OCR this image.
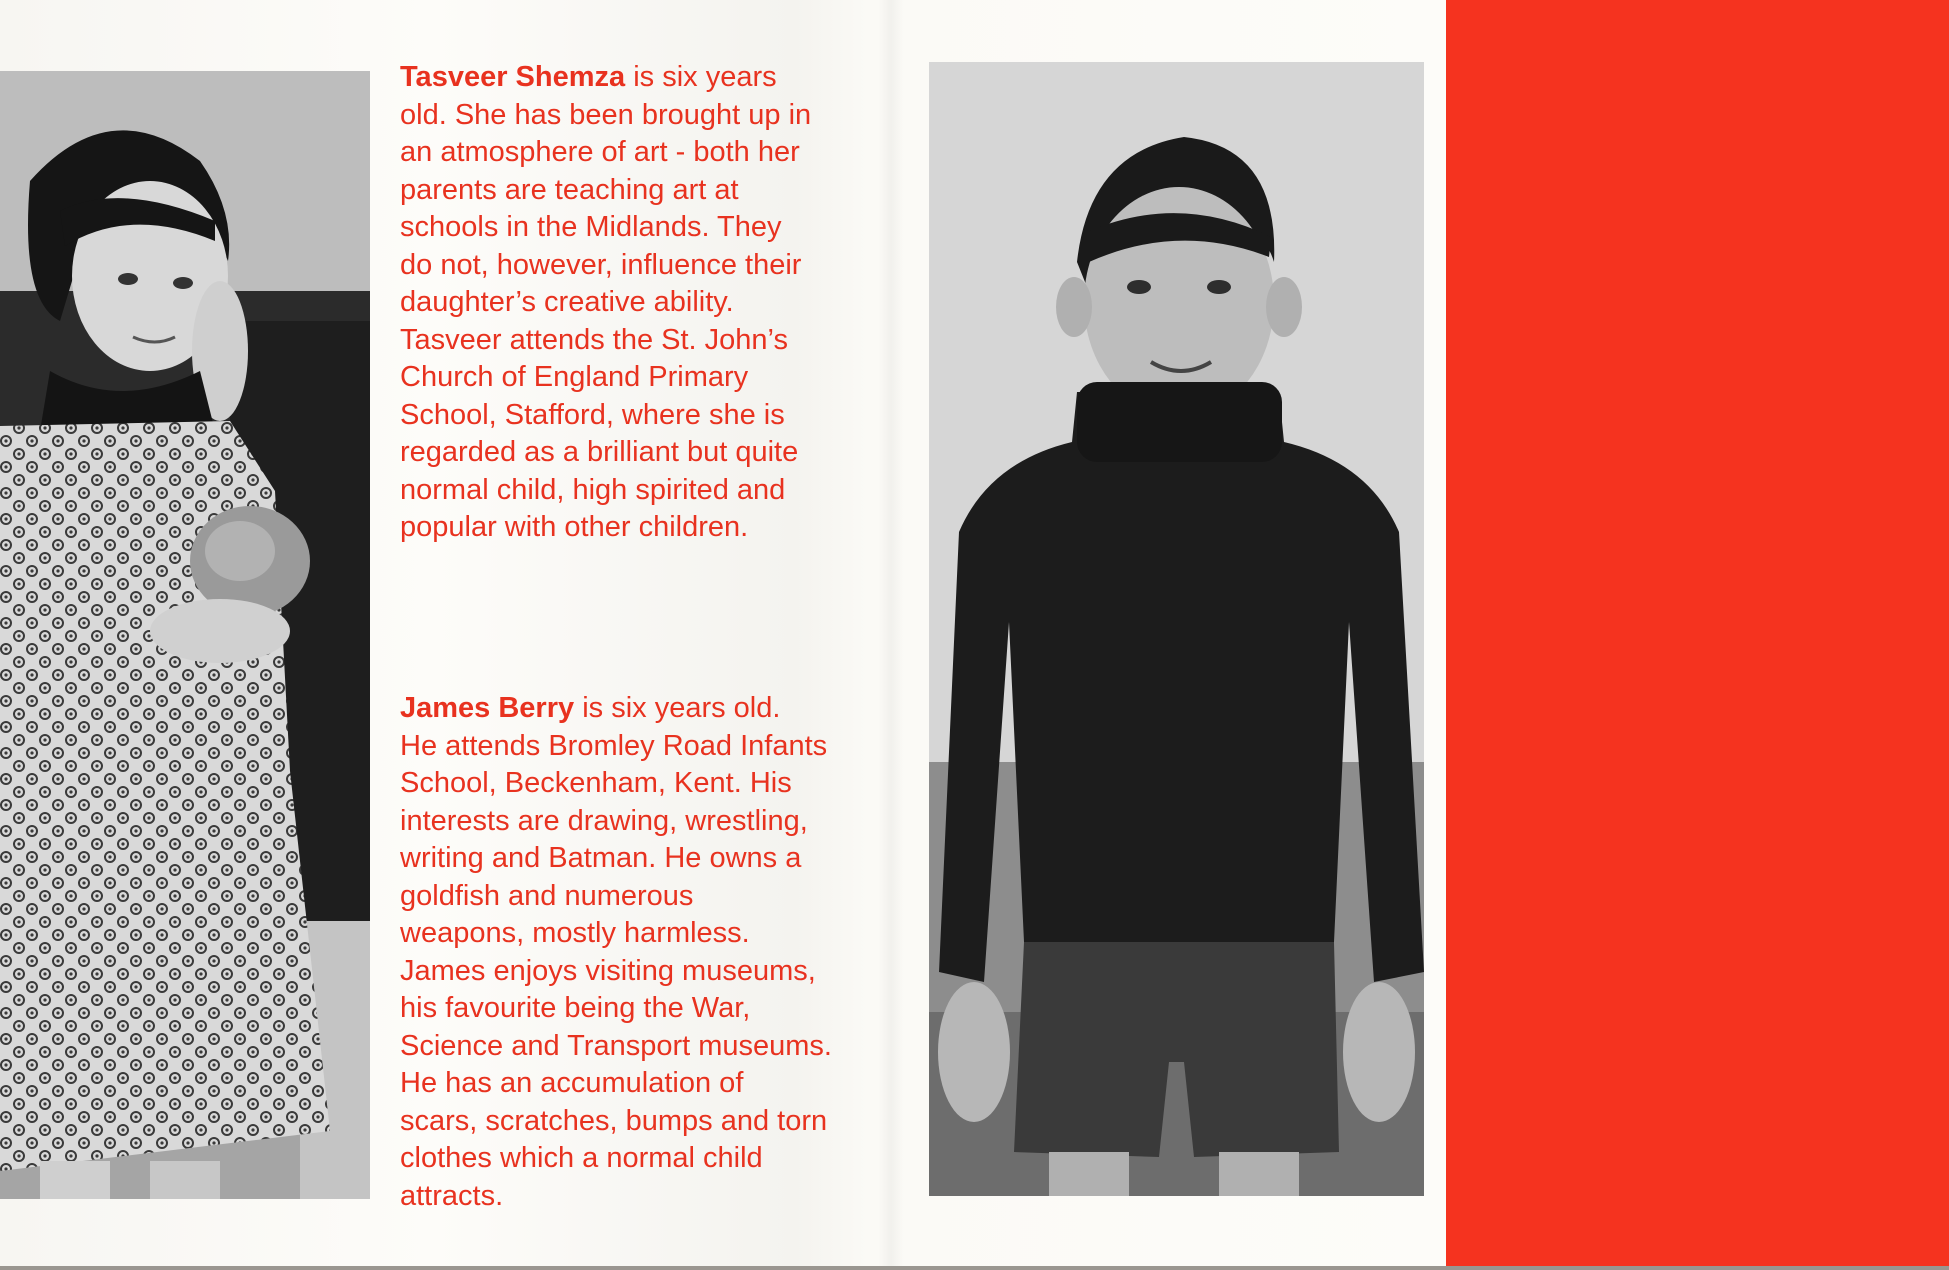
Tasveer Shemza is six years
old. She has been brought up in
an atmosphere of art - both her
parents are teaching art at
schools in the Midlands. They
do not, however, influence their
daughter’s creative ability.
Tasveer attends the St. John’s
Church of England Primary
School, Stafford, where she is
regarded as a brilliant but quite
normal child, high spirited and
popular with other children.

James Berry is six years old.
He attends Bromley Road Infants
School, Beckenham, Kent. His
interests are drawing, wrestling,
writing and Batman. He owns a
goldfish and numerous
weapons, mostly harmless.
James enjoys visiting museums,
his favourite being the War,
Science and Transport museums.
He has an accumulation of
scars, scratches, bumps and torn
clothes which a normal child
attracts.
